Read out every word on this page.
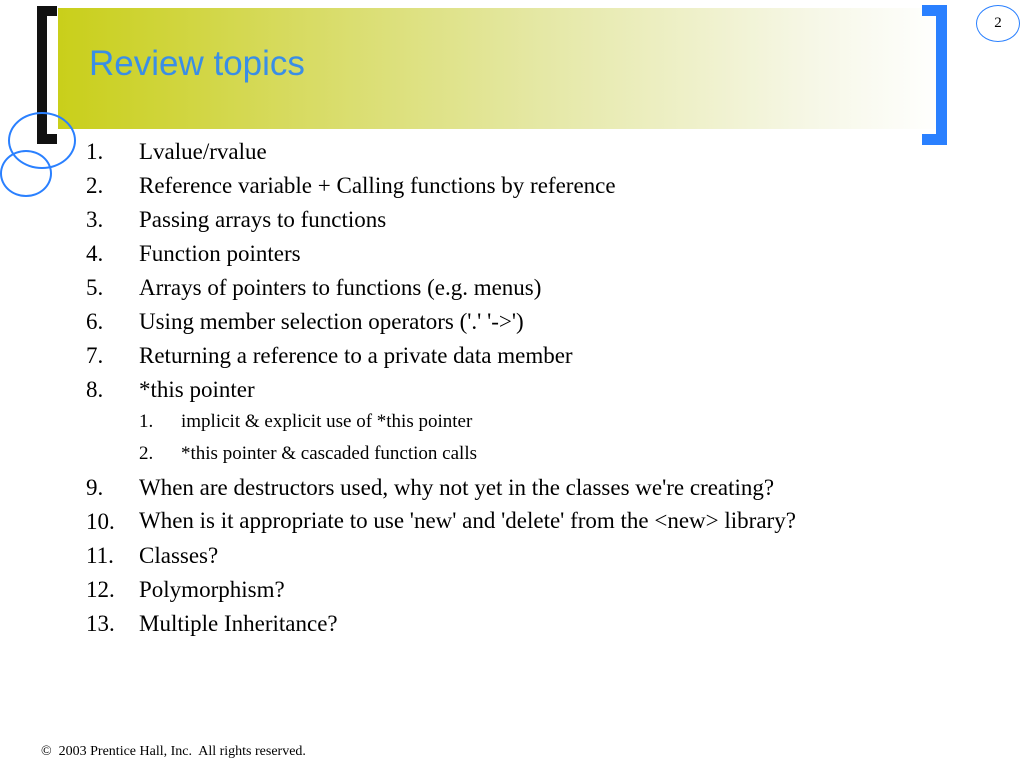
Review topics
2
1.	Lvalue/rvalue
2.	Reference variable + Calling functions by reference
3.	Passing arrays to functions
4.	Function pointers
5.	Arrays of pointers to functions (e.g. menus)
6.	Using member selection operators ('.' '->')
7.	Returning a reference to a private data member
8.	*this pointer
1.	implicit & explicit use of *this pointer
2.	*this pointer & cascaded function calls
9.	When are destructors used, why not yet in the classes we're creating?
10.	When is it appropriate to use 'new' and 'delete' from the <new> library?
11.	Classes?
12.	Polymorphism?
13.	Multiple Inheritance?
©  2003 Prentice Hall, Inc.  All rights reserved.
